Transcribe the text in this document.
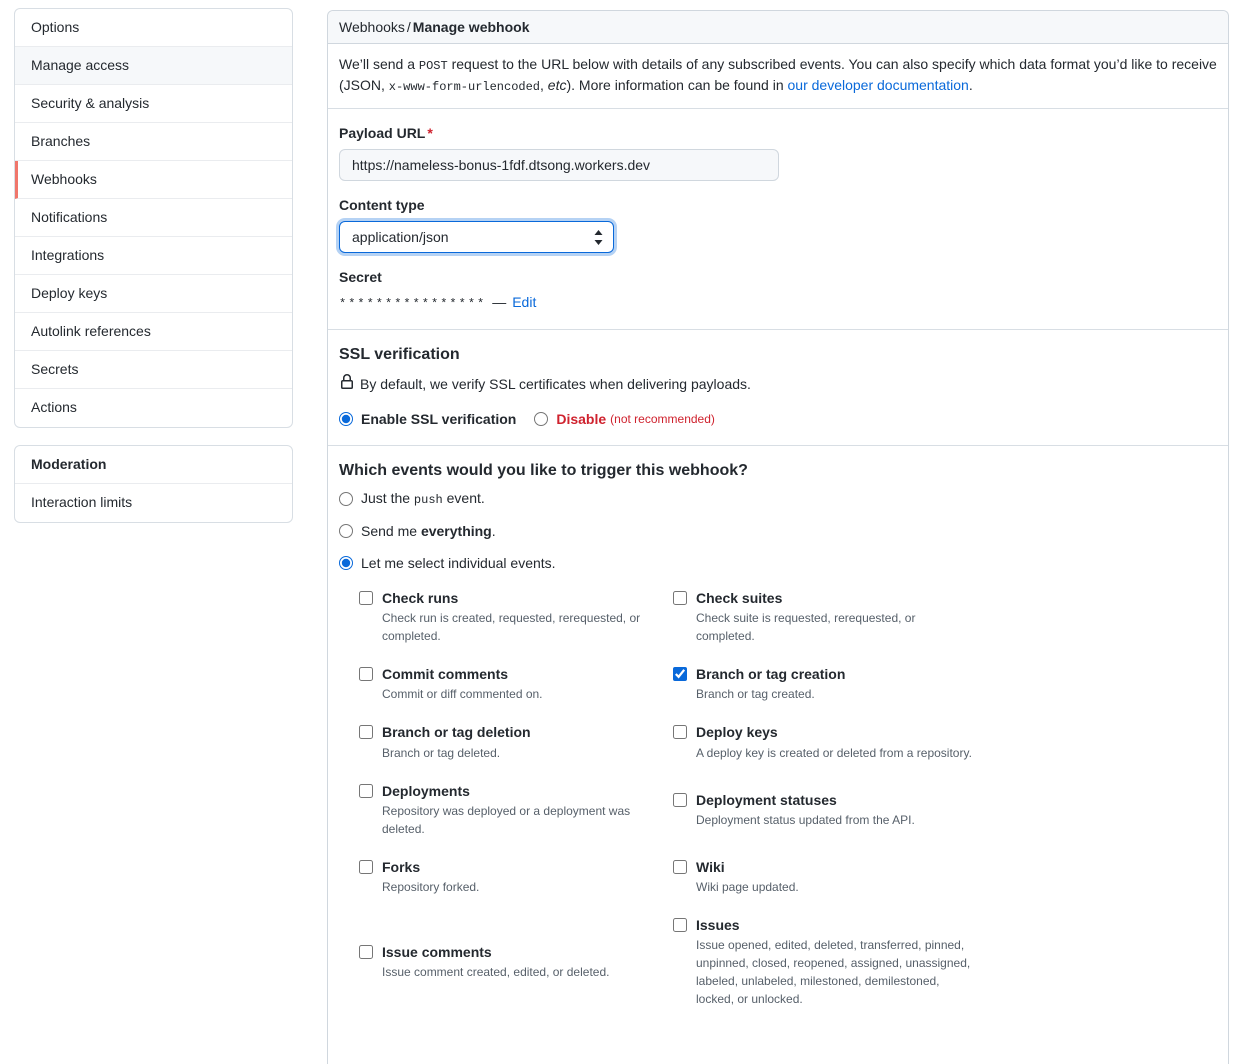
Options
Manage access
Security & analysis
Branches
Webhooks
Notifications
Integrations
Deploy keys
Autolink references
Secrets
Actions
Moderation
Interaction limits
Webhooks / Manage webhook
We’ll send a POST request to the URL below with details of any subscribed events. You can also specify which data format you’d like to receive (JSON, x-www-form-urlencoded, etc). More information can be found in our developer documentation.
Payload URL *
https://nameless-bonus-1fdf.dtsong.workers.dev
Content type
application/json
Secret
**************** — Edit
SSL verification
By default, we verify SSL certificates when delivering payloads.
Enable SSL verification	Disable (not recommended)
Which events would you like to trigger this webhook?
Just the push event.
Send me everything.
Let me select individual events.
Check runs
Check run is created, requested, rerequested, or completed.
Check suites
Check suite is requested, rerequested, or completed.
Commit comments
Commit or diff commented on.
Branch or tag creation
Branch or tag created.
Branch or tag deletion
Branch or tag deleted.
Deploy keys
A deploy key is created or deleted from a repository.
Deployments
Repository was deployed or a deployment was deleted.
Deployment statuses
Deployment status updated from the API.
Forks
Repository forked.
Wiki
Wiki page updated.
Issue comments
Issue comment created, edited, or deleted.
Issues
Issue opened, edited, deleted, transferred, pinned, unpinned, closed, reopened, assigned, unassigned, labeled, unlabeled, milestoned, demilestoned, locked, or unlocked.
